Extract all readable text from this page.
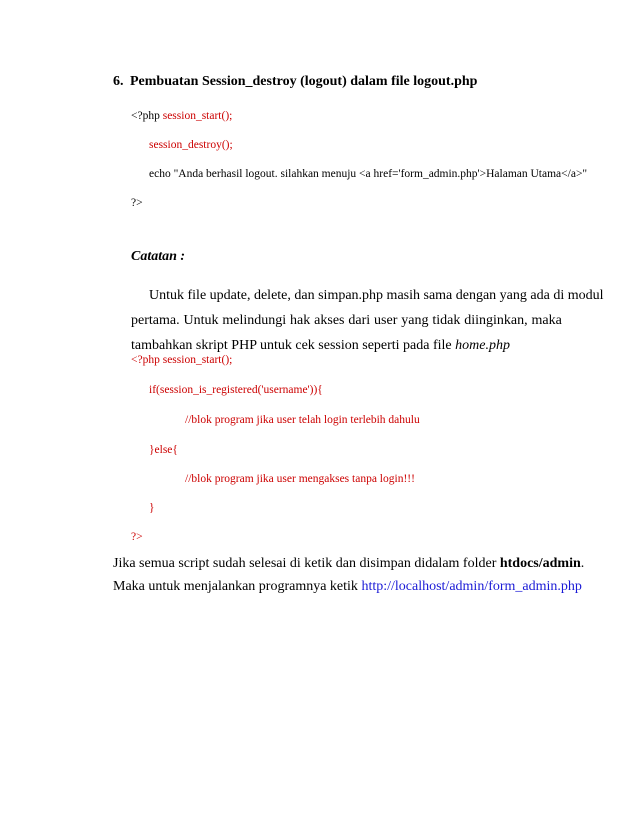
6. Pembuatan Session_destroy (logout) dalam file logout.php
<?php session_start();
session_destroy();
echo "Anda berhasil logout. silahkan menuju <a href='form_admin.php'>Halaman Utama</a>"
?>
Catatan :
Untuk file update, delete, dan simpan.php masih sama dengan yang ada di modul
pertama. Untuk melindungi hak akses dari user yang tidak diinginkan, maka
tambahkan skript PHP untuk cek session seperti pada file home.php
<?php session_start();
if(session_is_registered('username')){
//blok program jika user telah login terlebih dahulu
}else{
//blok program jika user mengakses tanpa login!!!
}
?>
Jika semua script sudah selesai di ketik dan disimpan didalam folder htdocs/admin.
Maka untuk menjalankan programnya ketik http://localhost/admin/form_admin.php
